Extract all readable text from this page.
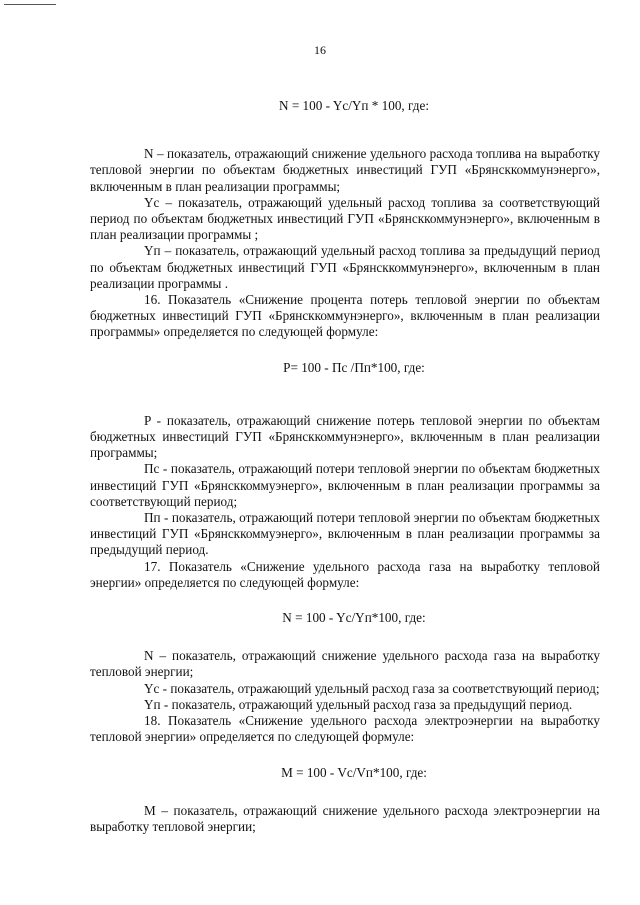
16
N = 100 - Yc/Yп * 100, где:

N – показатель, отражающий снижение удельного расхода топлива на выработку тепловой энергии по объектам бюджетных инвестиций ГУП «Брянсккоммунэнерго», включенным в план реализации программы;

Yc – показатель, отражающий удельный расход топлива за соответствующий период по объектам бюджетных инвестиций ГУП «Брянсккоммунэнерго», включенным в план реализации программы ;

Yп – показатель, отражающий удельный расход топлива за предыдущий период по объектам бюджетных инвестиций ГУП «Брянсккоммунэнерго», включенным в план реализации программы .

16. Показатель «Снижение процента потерь тепловой энергии по объектам бюджетных инвестиций ГУП «Брянсккоммунэнерго», включенным в план реализации программы» определяется по следующей формуле:

P= 100 - Пс /Пп*100, где:

P - показатель, отражающий снижение потерь тепловой энергии по объектам бюджетных инвестиций ГУП «Брянсккоммунэнерго», включенным в план реализации программы;

Пс - показатель, отражающий потери тепловой энергии по объектам бюджетных инвестиций ГУП «Брянсккоммуэнерго», включенным в план реализации программы за соответствующий период;

Пп - показатель, отражающий потери тепловой энергии по объектам бюджетных инвестиций ГУП «Брянсккоммуэнерго», включенным в план реализации программы за предыдущий период.

17. Показатель «Снижение удельного расхода газа на выработку тепловой энергии» определяется по следующей формуле:

N = 100 - Yc/Yп*100, где:

N – показатель, отражающий снижение удельного расхода газа на выработку тепловой энергии;

Yc - показатель, отражающий удельный расход газа за соответствующий период;

Yп - показатель, отражающий удельный расход газа за предыдущий период.

18. Показатель «Снижение удельного расхода электроэнергии на выработку тепловой энергии» определяется по следующей формуле:

M = 100 - Vc/Vп*100, где:

M – показатель, отражающий снижение удельного расхода электроэнергии на выработку тепловой энергии;
